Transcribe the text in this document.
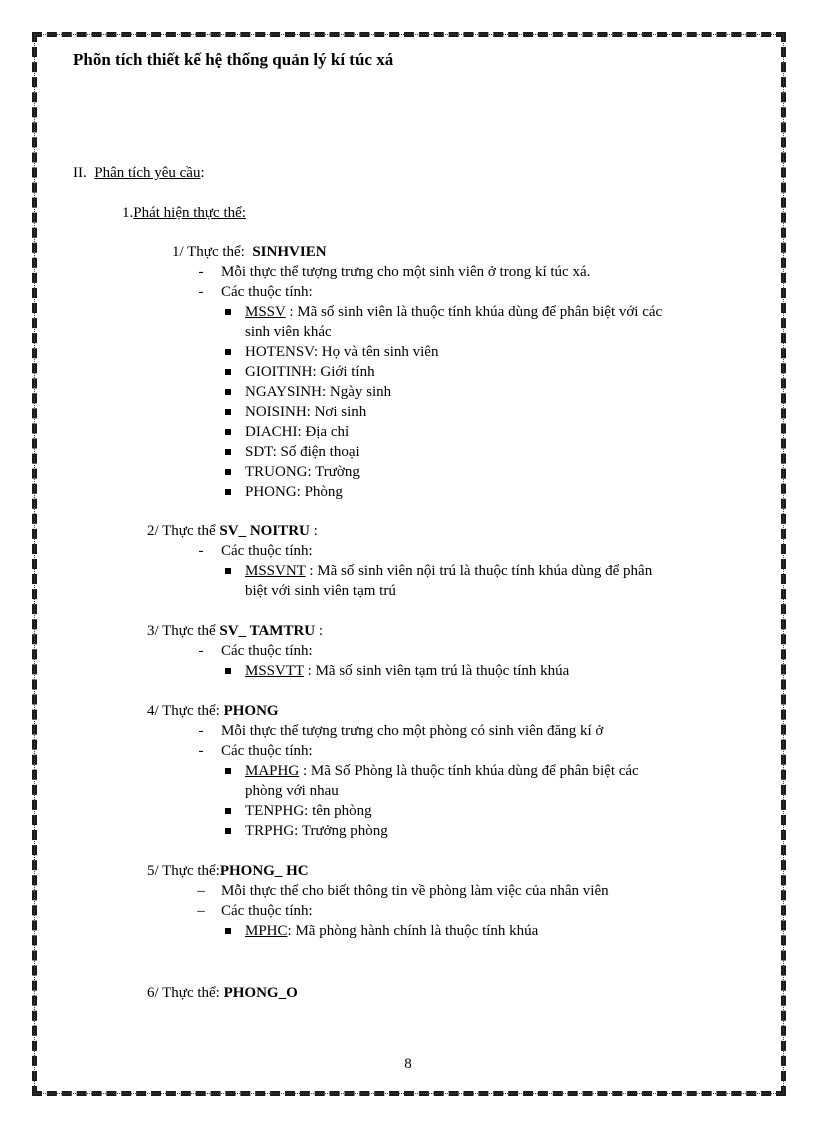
Phõn tích thiết kế hệ thống quản lý kí túc xá
II. Phân tích yêu cầu:
1.Phát hiện thực thể:
1/ Thực thể: SINHVIEN
-	Mỗi thực thể tượng trưng cho một sinh viên ở trong kí túc xá.
-	Các thuộc tính:
MSSV : Mã số sinh viên là thuộc tính khúa dùng để phân biệt với các
sinh viên khác
HOTENSV: Họ và tên sinh viên
GIOITINH: Giới tính
NGAYSINH: Ngày sinh
NOISINH: Nơi sinh
DIACHI: Địa chỉ
SDT: Số điện thoại
TRUONG: Trường
PHONG: Phòng
2/ Thực thể SV_ NOITRU :
-	Các thuộc tính:
MSSVNT : Mã số sinh viên nội trú là thuộc tính khúa dùng để phân
biệt với sinh viên tạm trú
3/ Thực thể SV_ TAMTRU :
-	Các thuộc tính:
MSSVTT : Mã số sinh viên tạm trú là thuộc tính khúa
4/ Thực thể: PHONG
-	Mỗi thực thể tượng trưng cho một phòng có sinh viên đăng kí ở
-	Các thuộc tính:
MAPHG : Mã Số Phòng là thuộc tính khúa dùng để phân biệt các
phòng với nhau
TENPHG: tên phòng
TRPHG: Trưởng phòng
5/ Thực thể:PHONG_ HC
– Mỗi thực thể cho biết thông tin về phòng làm việc của nhân viên
– Các thuộc tính:
MPHC: Mã phòng hành chính là thuộc tính khúa
6/ Thực thể: PHONG_O
8
